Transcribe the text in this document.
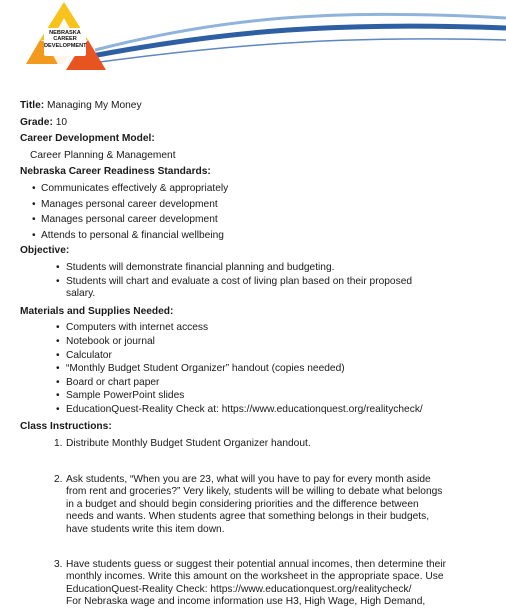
NEBRASKA
CAREER
DEVELOPMENT
Title: Managing My Money
Grade: 10
Career Development Model:
Career Planning & Management
Nebraska Career Readiness Standards:
• Communicates effectively & appropriately
• Manages personal career development
• Manages personal career development
• Attends to personal & financial wellbeing
Objective:
• Students will demonstrate financial planning and budgeting.
• Students will chart and evaluate a cost of living plan based on their proposed
salary.
Materials and Supplies Needed:
• Computers with internet access
• Notebook or journal
• Calculator
• “Monthly Budget Student Organizer” handout (copies needed)
• Board or chart paper
• Sample PowerPoint slides
• EducationQuest-Reality Check at: https://www.educationquest.org/realitycheck/
Class Instructions:
1. Distribute Monthly Budget Student Organizer handout.
2. Ask students, “When you are 23, what will you have to pay for every month aside
from rent and groceries?” Very likely, students will be willing to debate what belongs
in a budget and should begin considering priorities and the difference between
needs and wants. When students agree that something belongs in their budgets,
have students write this item down.
3. Have students guess or suggest their potential annual incomes, then determine their
monthly incomes. Write this amount on the worksheet in the appropriate space. Use
EducationQuest-Reality Check: https://www.educationquest.org/realitycheck/
For Nebraska wage and income information use H3, High Wage, High Demand,
